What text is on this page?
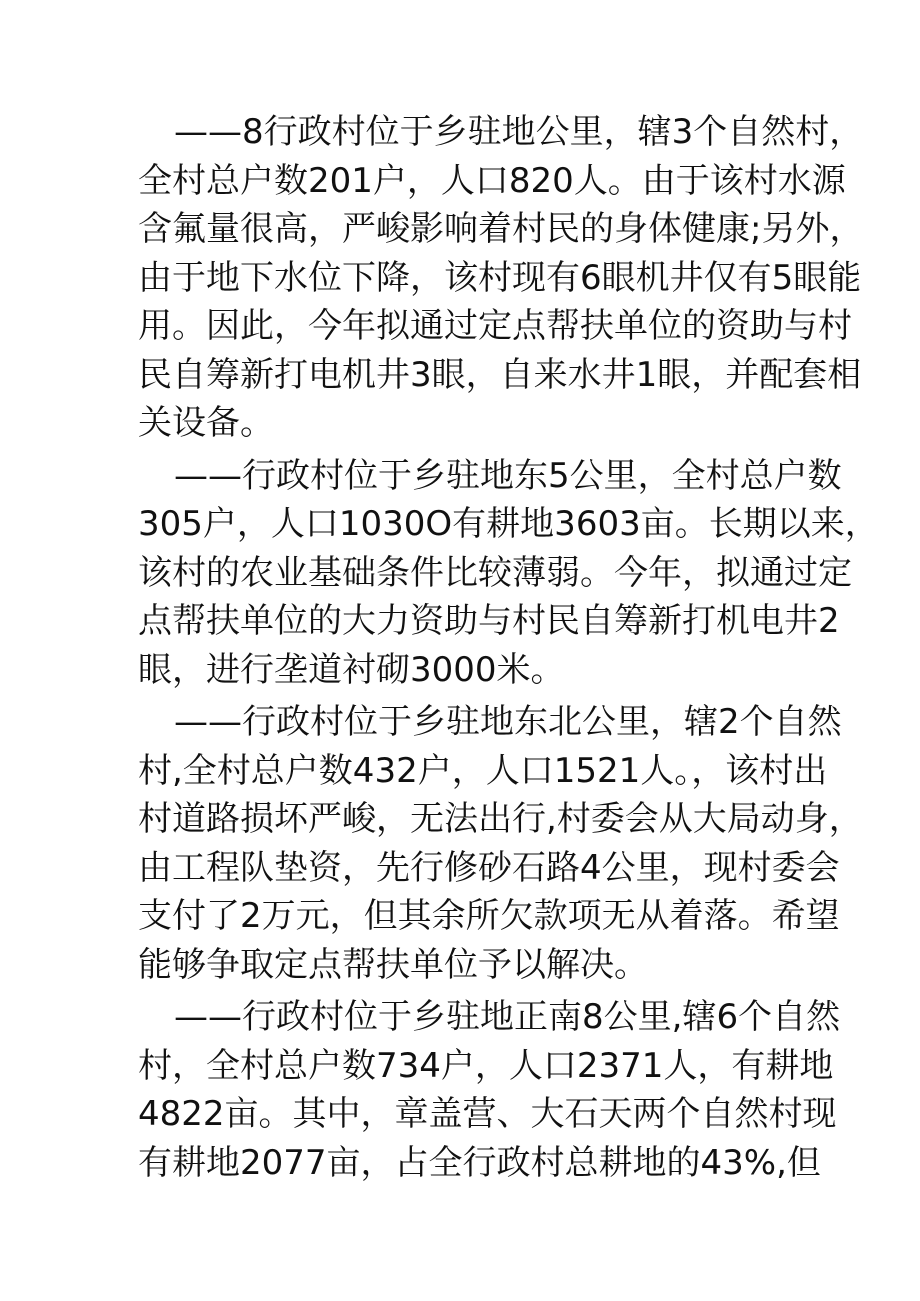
——8行政村位于乡驻地公里，辖3个自然村，
全村总户数201户，人口820人。由于该村水源
含氟量很高，严峻影响着村民的身体健康;另外，
由于地下水位下降，该村现有6眼机井仅有5眼能
用。因此，今年拟通过定点帮扶单位的资助与村
民自筹新打电机井3眼，自来水井1眼，并配套相
关设备。
——行政村位于乡驻地东5公里，全村总户数
305户，人口1030O有耕地3603亩。长期以来，
该村的农业基础条件比较薄弱。今年，拟通过定
点帮扶单位的大力资助与村民自筹新打机电井2
眼，进行垄道衬砌3000米。
——行政村位于乡驻地东北公里，辖2个自然
村,全村总户数432户，人口1521人。，该村出
村道路损坏严峻，无法出行,村委会从大局动身，
由工程队垫资，先行修砂石路4公里，现村委会
支付了2万元，但其余所欠款项无从着落。希望
能够争取定点帮扶单位予以解决。
——行政村位于乡驻地正南8公里,辖6个自然
村，全村总户数734户，人口2371人，有耕地
4822亩。其中，章盖营、大石天两个自然村现
有耕地2077亩，占全行政村总耕地的43%,但
